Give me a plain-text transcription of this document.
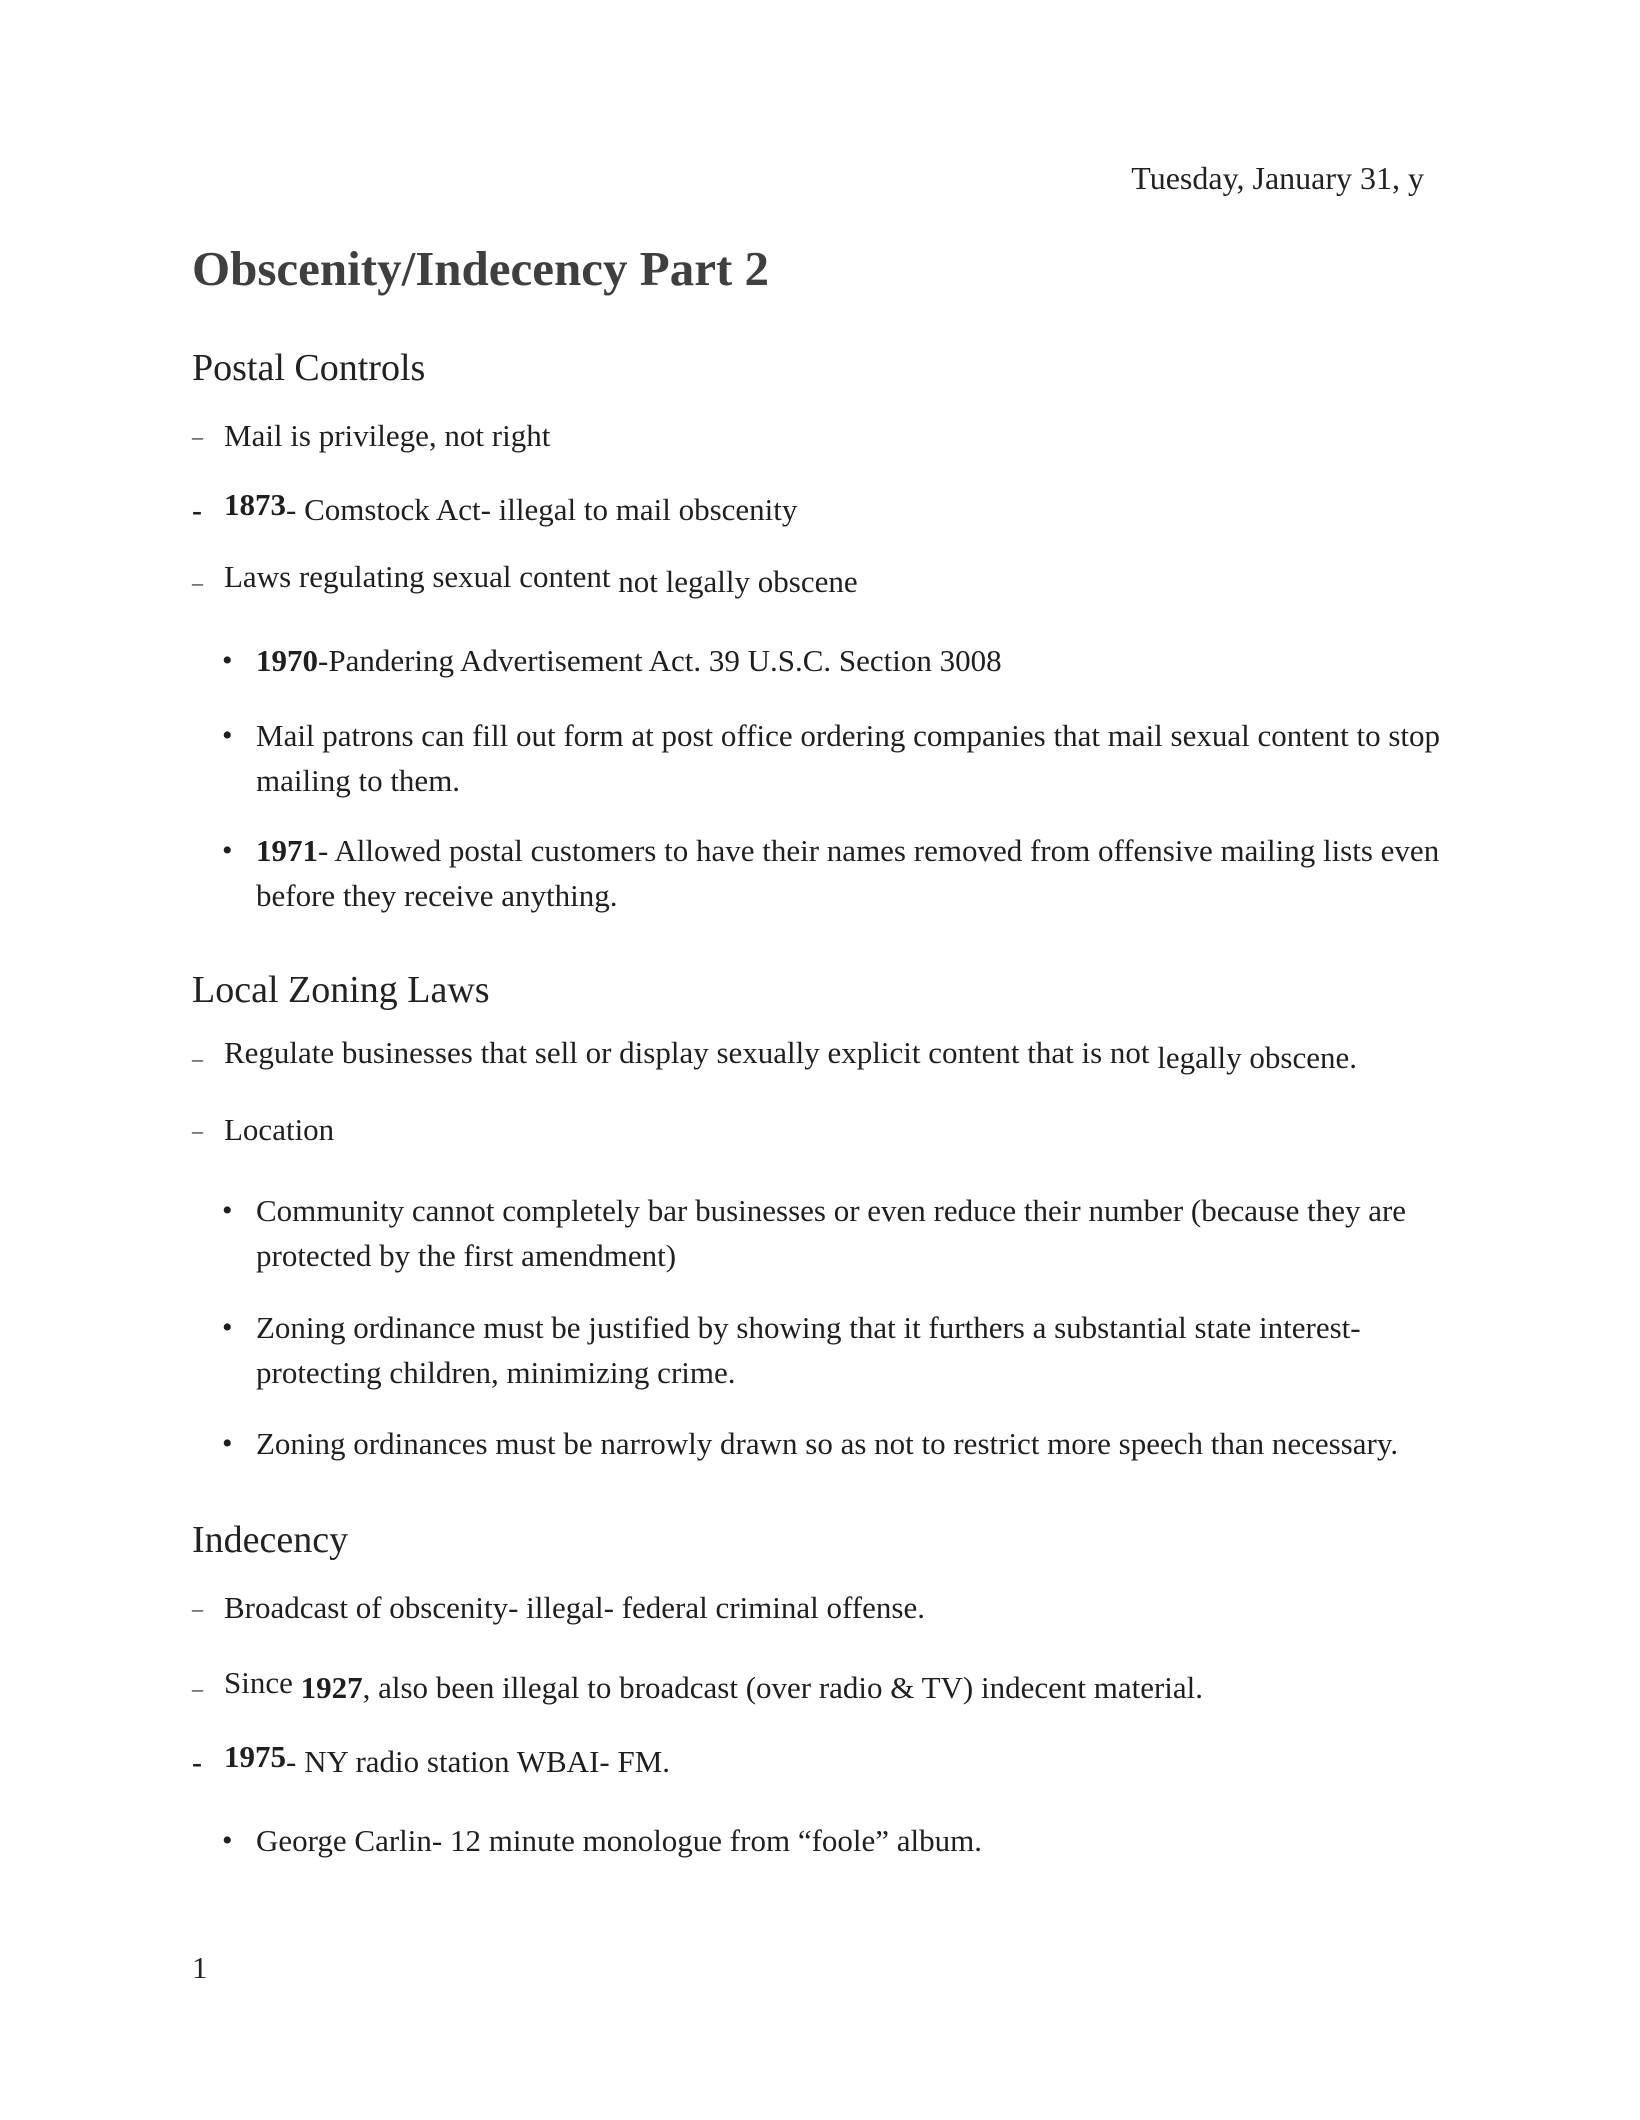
Tuesday, January 31, y
Obscenity/Indecency Part 2
Postal Controls
– Mail is privilege, not right
- 1873- Comstock Act- illegal to mail obscenity
– Laws regulating sexual content not legally obscene
• 1970-Pandering Advertisement Act. 39 U.S.C. Section 3008
• Mail patrons can fill out form at post office ordering companies that mail sexual content to stop mailing to them.
• 1971- Allowed postal customers to have their names removed from offensive mailing lists even before they receive anything.
Local Zoning Laws
– Regulate businesses that sell or display sexually explicit content that is not legally obscene.
– Location
• Community cannot completely bar businesses or even reduce their number (because they are protected by the first amendment)
• Zoning ordinance must be justified by showing that it furthers a substantial state interest- protecting children, minimizing crime.
• Zoning ordinances must be narrowly drawn so as not to restrict more speech than necessary.
Indecency
– Broadcast of obscenity- illegal- federal criminal offense.
– Since 1927, also been illegal to broadcast (over radio & TV) indecent material.
- 1975- NY radio station WBAI- FM.
• George Carlin- 12 minute monologue from “foole” album.
1
